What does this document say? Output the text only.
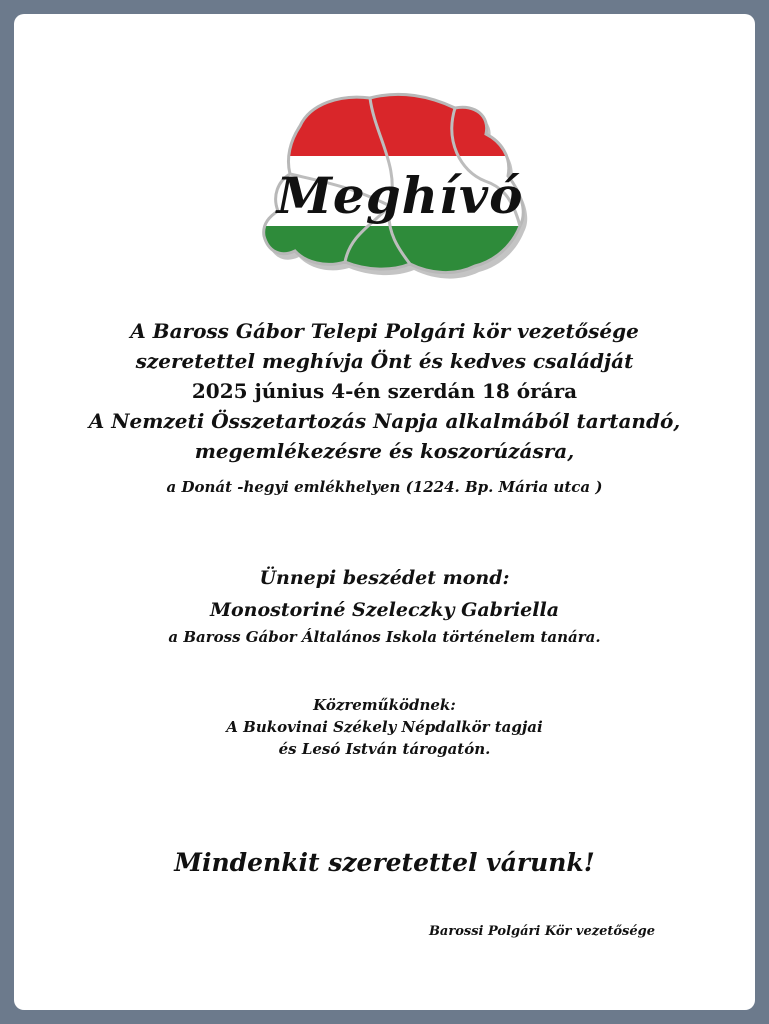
Meghívó
A Baross Gábor Telepi Polgári kör vezetősége
szeretettel meghívja Önt és kedves családját
2025 június 4-én szerdán 18 órára
A Nemzeti Összetartozás Napja alkalmából tartandó,
megemlékezésre és koszorúzásra,
a Donát -hegyi emlékhelyen (1224. Bp. Mária utca )
Ünnepi beszédet mond:
Monostoriné Szeleczky Gabriella
a Baross Gábor Általános Iskola történelem tanára.
Közreműködnek:
A Bukovinai Székely Népdalkör tagjai
és Lesó István tárogatón.
Mindenkit szeretettel várunk!
Barossi Polgári Kör vezetősége
